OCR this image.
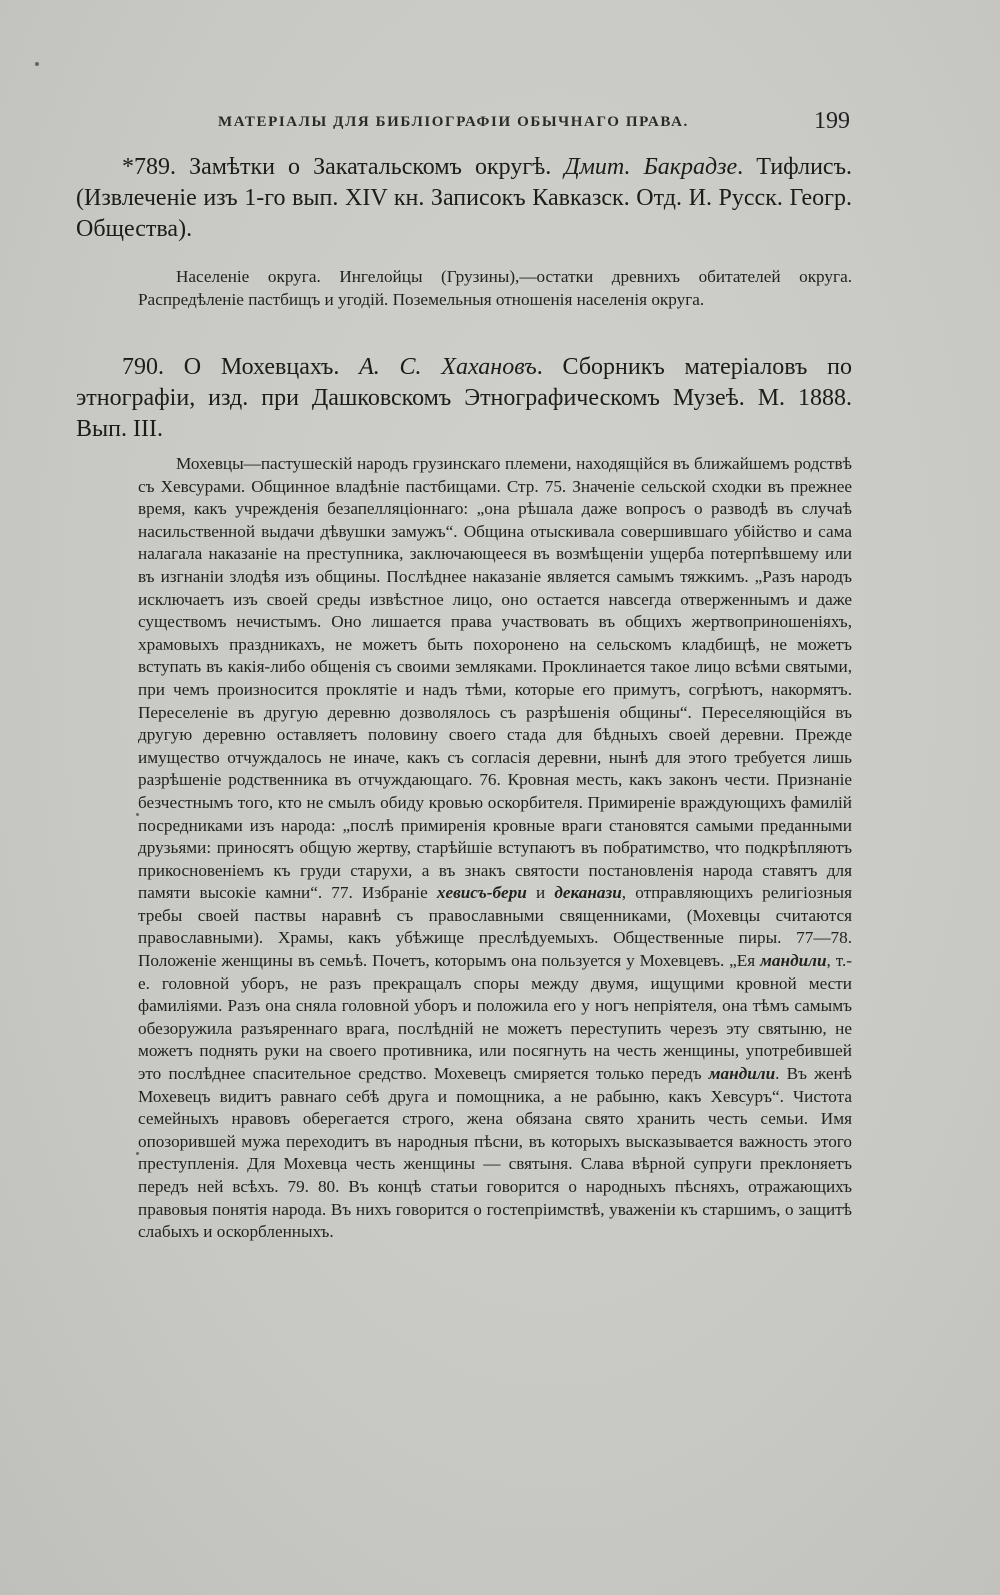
МАТЕРІАЛЫ ДЛЯ БИБЛІОГРАФІИ ОБЫЧНАГО ПРАВА.	199
*789. Замѣтки о Закатальскомъ округѣ. Дмит. Бакрадзе. Тифлисъ. (Извлеченіе изъ 1-го вып. XIV кн. Записокъ Кавказск. Отд. И. Русск. Геогр. Общества).
Населеніе округа. Ингелойцы (Грузины),—остатки древнихъ обитателей округа. Распредѣленіе пастбищъ и угодій. Поземельныя отношенія населенія округа.
790. О Мохевцахъ. А. С. Хахановъ. Сборникъ матеріаловъ по этнографіи, изд. при Дашковскомъ Этнографическомъ Музеѣ. М. 1888. Вып. III.
Мохевцы—пастушескій народъ грузинскаго племени, находящійся въ ближайшемъ родствѣ съ Хевсурами. Общинное владѣніе пастбищами. Стр. 75. Значеніе сельской сходки въ прежнее время, какъ учрежденія безапелляціоннаго: „она рѣшала даже вопросъ о разводѣ въ случаѣ насильственной выдачи дѣвушки замужъ“. Община отыскивала совершившаго убійство и сама налагала наказаніе на преступника, заключающееся въ возмѣщеніи ущерба потерпѣвшему или въ изгнаніи злодѣя изъ общины. Послѣднее наказаніе является самымъ тяжкимъ. „Разъ народъ исключаетъ изъ своей среды извѣстное лицо, оно остается навсегда отверженнымъ и даже существомъ нечистымъ. Оно лишается права участвовать въ общихъ жертвоприношеніяхъ, храмовыхъ праздникахъ, не можетъ быть похоронено на сельскомъ кладбищѣ, не можетъ вступать въ какія-либо общенія съ своими земляками. Проклинается такое лицо всѣми святыми, при чемъ произносится проклятіе и надъ тѣми, которые его примутъ, согрѣютъ, накормятъ. Переселеніе въ другую деревню дозволялось съ разрѣшенія общины“. Переселяющійся въ другую деревню оставляетъ половину своего стада для бѣдныхъ своей деревни. Прежде имущество отчуждалось не иначе, какъ съ согласія деревни, нынѣ для этого требуется лишь разрѣшеніе родственника въ отчуждающаго. 76. Кровная месть, какъ законъ чести. Признаніе безчестнымъ того, кто не смылъ обиду кровью оскорбителя. Примиреніе враждующихъ фамилій посредниками изъ народа: „послѣ примиренія кровные враги становятся самыми преданными друзьями: приносятъ общую жертву, старѣйшіе вступаютъ въ побратимство, что подкрѣпляютъ прикосновеніемъ къ груди старухи, а въ знакъ святости постановленія народа ставятъ для памяти высокіе камни“. 77. Избраніе хевисъ-бери и деканази, отправляющихъ религіозныя требы своей паствы наравнѣ съ православными священниками, (Мохевцы считаются православными). Храмы, какъ убѣжище преслѣдуемыхъ. Общественные пиры. 77—78. Положеніе женщины въ семьѣ. Почетъ, которымъ она пользуется у Мохевцевъ. „Ея мандили, т.-е. головной уборъ, не разъ прекращалъ споры между двумя, ищущими кровной мести фамиліями. Разъ она сняла головной уборъ и положила его у ногъ непріятеля, она тѣмъ самымъ обезоружила разъяреннаго врага, послѣдній не можетъ переступить черезъ эту святыню, не можетъ поднять руки на своего противника, или посягнуть на честь женщины, употребившей это послѣднее спасительное средство. Мохевецъ смиряется только передъ мандили. Въ женѣ Мохевецъ видитъ равнаго себѣ друга и помощника, а не рабыню, какъ Хевсуръ“. Чистота семейныхъ нравовъ оберегается строго, жена обязана свято хранить честь семьи. Имя опозорившей мужа переходитъ въ народныя пѣсни, въ которыхъ высказывается важность этого преступленія. Для Мохевца честь женщины — святыня. Слава вѣрной супруги преклоняетъ передъ ней всѣхъ. 79. 80. Въ концѣ статьи говорится о народныхъ пѣсняхъ, отражающихъ правовыя понятія народа. Въ нихъ говорится о гостепріимствѣ, уваженіи къ старшимъ, о защитѣ слабыхъ и оскорбленныхъ.
